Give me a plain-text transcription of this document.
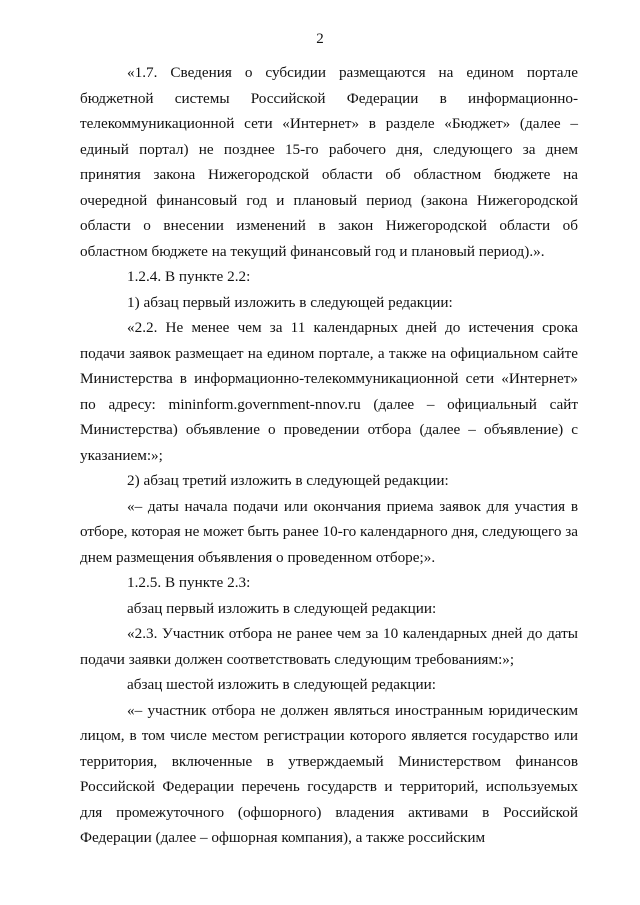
2

«1.7. Сведения о субсидии размещаются на едином портале бюджетной системы Российской Федерации в информационно-телекоммуникационной сети «Интернет» в разделе «Бюджет» (далее – единый портал) не позднее 15-го рабочего дня, следующего за днем принятия закона Нижегородской области об областном бюджете на очередной финансовый год и плановый период (закона Нижегородской области о внесении изменений в закон Нижегородской области об областном бюджете на текущий финансовый год и плановый период).».

1.2.4. В пункте 2.2:

1) абзац первый изложить в следующей редакции:

«2.2. Не менее чем за 11 календарных дней до истечения срока подачи заявок размещает на едином портале, а также на официальном сайте Министерства в информационно-телекоммуникационной сети «Интернет» по адресу: mininform.government-nnov.ru (далее – официальный сайт Министерства) объявление о проведении отбора (далее – объявление) с указанием:»;

2) абзац третий изложить в следующей редакции:

«– даты начала подачи или окончания приема заявок для участия в отборе, которая не может быть ранее 10-го календарного дня, следующего за днем размещения объявления о проведенном отборе;».

1.2.5. В пункте 2.3:

абзац первый изложить в следующей редакции:

«2.3. Участник отбора не ранее чем за 10 календарных дней до даты подачи заявки должен соответствовать следующим требованиям:»;

абзац шестой изложить в следующей редакции:

«– участник отбора не должен являться иностранным юридическим лицом, в том числе местом регистрации которого является государство или территория, включенные в утверждаемый Министерством финансов Российской Федерации перечень государств и территорий, используемых для промежуточного (офшорного) владения активами в Российской Федерации (далее – офшорная компания), а также российским
